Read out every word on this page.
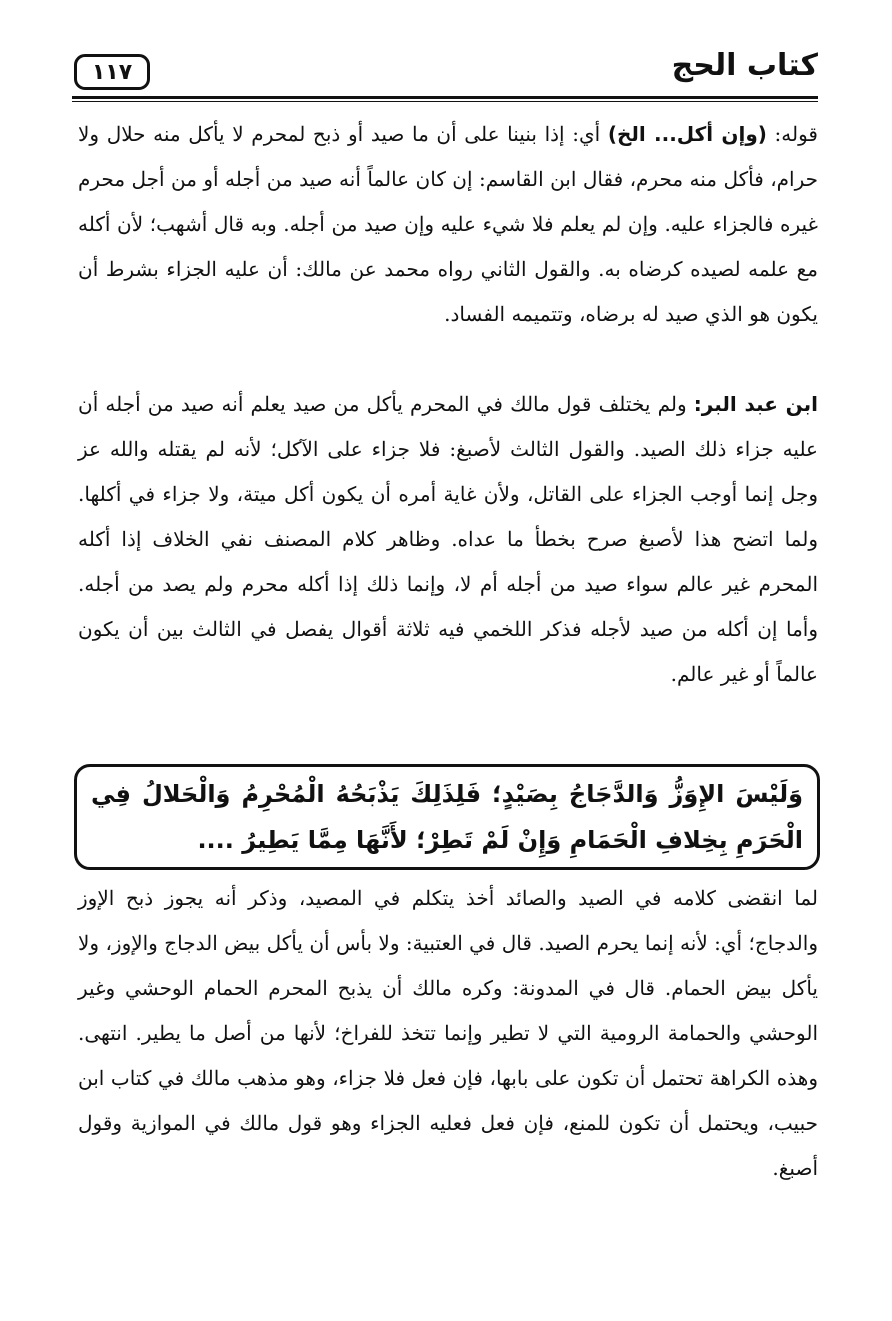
كتاب الحج
١١٧
قوله: (وإن أكل... الخ) أي: إذا بنينا على أن ما صيد أو ذبح لمحرم لا يأكل منه حلال ولا حرام، فأكل منه محرم، فقال ابن القاسم: إن كان عالماً أنه صيد من أجله أو من أجل محرم غيره فالجزاء عليه. وإن لم يعلم فلا شيء عليه وإن صيد من أجله. وبه قال أشهب؛ لأن أكله مع علمه لصيده كرضاه به. والقول الثاني رواه محمد عن مالك: أن عليه الجزاء بشرط أن يكون هو الذي صيد له برضاه، وتتميمه الفساد.
ابن عبد البر: ولم يختلف قول مالك في المحرم يأكل من صيد يعلم أنه صيد من أجله أن عليه جزاء ذلك الصيد. والقول الثالث لأصبغ: فلا جزاء على الآكل؛ لأنه لم يقتله والله عز وجل إنما أوجب الجزاء على القاتل، ولأن غاية أمره أن يكون أكل ميتة، ولا جزاء في أكلها. ولما اتضح هذا لأصبغ صرح بخطأ ما عداه. وظاهر كلام المصنف نفي الخلاف إذا أكله المحرم غير عالم سواء صيد من أجله أم لا، وإنما ذلك إذا أكله محرم ولم يصد من أجله. وأما إن أكله من صيد لأجله فذكر اللخمي فيه ثلاثة أقوال يفصل في الثالث بين أن يكون عالماً أو غير عالم.
وَلَيْسَ الإِوَزُّ وَالدَّجَاجُ بِصَيْدٍ؛ فَلِذَلِكَ يَذْبَحُهُ الْمُحْرِمُ وَالْحَلالُ فِي الْحَرَمِ بِخِلافِ الْحَمَامِ وَإِنْ لَمْ تَطِرْ؛ لأَنَّهَا مِمَّا يَطِيرُ ....
لما انقضى كلامه في الصيد والصائد أخذ يتكلم في المصيد، وذكر أنه يجوز ذبح الإوز والدجاج؛ أي: لأنه إنما يحرم الصيد. قال في العتبية: ولا بأس أن يأكل بيض الدجاج والإوز، ولا يأكل بيض الحمام. قال في المدونة: وكره مالك أن يذبح المحرم الحمام الوحشي وغير الوحشي والحمامة الرومية التي لا تطير وإنما تتخذ للفراخ؛ لأنها من أصل ما يطير. انتهى. وهذه الكراهة تحتمل أن تكون على بابها، فإن فعل فلا جزاء، وهو مذهب مالك في كتاب ابن حبيب، ويحتمل أن تكون للمنع، فإن فعل فعليه الجزاء وهو قول مالك في الموازية وقول أصبغ.
